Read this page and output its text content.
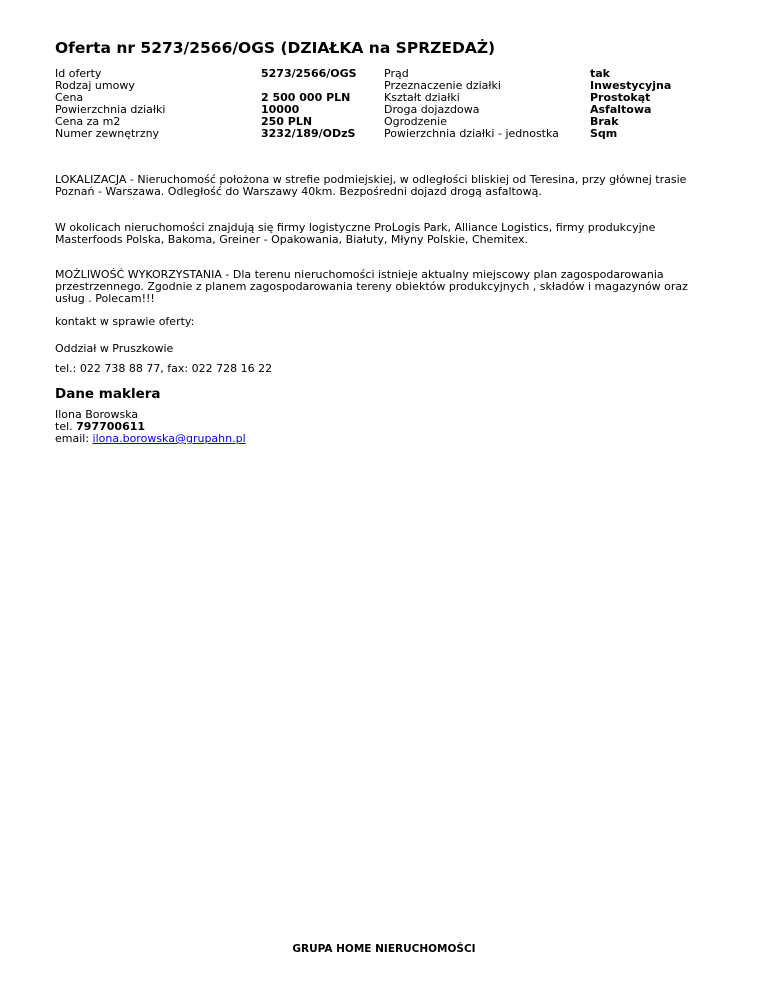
Oferta nr 5273/2566/OGS (DZIAŁKA na SPRZEDAŻ)
Id oferty
Rodzaj umowy
Cena
Powierzchnia działki
Cena za m2
Numer zewnętrzny
5273/2566/OGS
2 500 000 PLN
10000
250 PLN
3232/189/ODzS
Prąd
Przeznaczenie działki
Kształt działki
Droga dojazdowa
Ogrodzenie
Powierzchnia działki - jednostka
tak
Inwestycyjna
Prostokąt
Asfaltowa
Brak
Sqm

LOKALIZACJA - Nieruchomość położona w strefie podmiejskiej, w odległości bliskiej od Teresina, przy głównej trasie Poznań - Warszawa. Odległość do Warszawy 40km. Bezpośredni dojazd drogą asfaltową.

W okolicach nieruchomości znajdują się firmy logistyczne ProLogis Park, Alliance Logistics, firmy produkcyjne Masterfoods Polska, Bakoma, Greiner - Opakowania, Białuty, Młyny Polskie, Chemitex.

MOŻLIWOŚĆ WYKORZYSTANIA - Dla terenu nieruchomości istnieje aktualny miejscowy plan zagospodarowania przestrzennego. Zgodnie z planem zagospodarowania tereny obiektów produkcyjnych , składów i magazynów oraz usług . Polecam!!!

kontakt w sprawie oferty:

Oddział w Pruszkowie

tel.: 022 738 88 77, fax: 022 728 16 22

Dane maklera
Ilona Borowska
tel. 797700611
email: ilona.borowska@grupahn.pl
GRUPA HOME NIERUCHOMOŚCI
